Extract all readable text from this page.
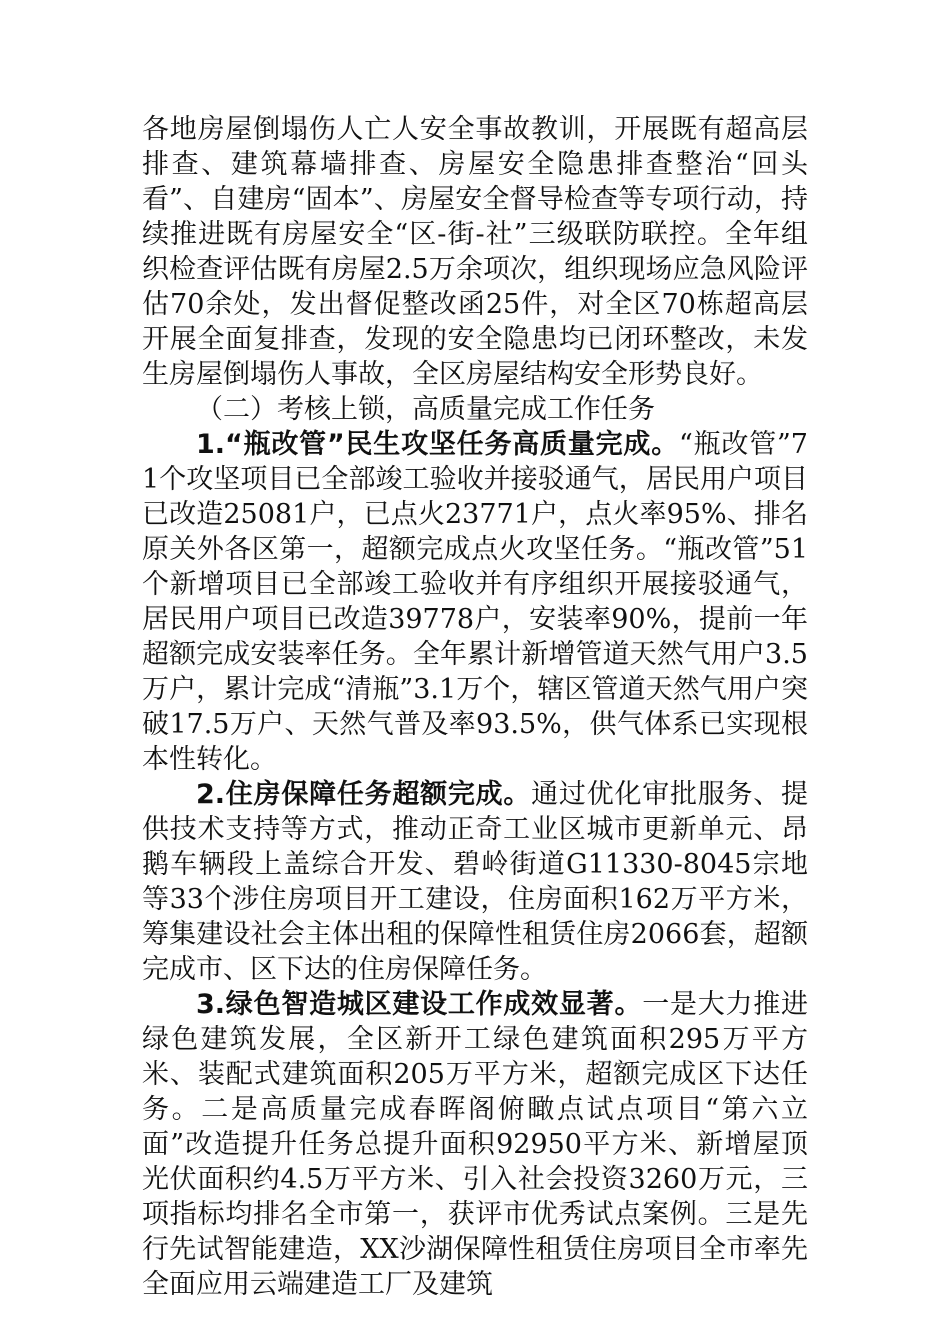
各地房屋倒塌伤人亡人安全事故教训，开展既有超高层排查、建筑幕墙排查、房屋安全隐患排查整治“回头看”、自建房“固本”、房屋安全督导检查等专项行动，持续推进既有房屋安全“区-街-社”三级联防联控。全年组织检查评估既有房屋2.5万余项次，组织现场应急风险评估70余处，发出督促整改函25件，对全区70栋超高层开展全面复排查，发现的安全隐患均已闭环整改，未发生房屋倒塌伤人事故，全区房屋结构安全形势良好。

（二）考核上锁，高质量完成工作任务

1.“瓶改管”民生攻坚任务高质量完成。“瓶改管”71个攻坚项目已全部竣工验收并接驳通气，居民用户项目已改造25081户，已点火23771户，点火率95%、排名原关外各区第一，超额完成点火攻坚任务。“瓶改管”51个新增项目已全部竣工验收并有序组织开展接驳通气，居民用户项目已改造39778户，安装率90%，提前一年超额完成安装率任务。全年累计新增管道天然气用户3.5万户，累计完成“清瓶”3.1万个，辖区管道天然气用户突破17.5万户、天然气普及率93.5%，供气体系已实现根本性转化。

2.住房保障任务超额完成。通过优化审批服务、提供技术支持等方式，推动正奇工业区城市更新单元、昂鹅车辆段上盖综合开发、碧岭街道G11330-8045宗地等33个涉住房项目开工建设，住房面积162万平方米，筹集建设社会主体出租的保障性租赁住房2066套，超额完成市、区下达的住房保障任务。

3.绿色智造城区建设工作成效显著。一是大力推进绿色建筑发展，全区新开工绿色建筑面积295万平方米、装配式建筑面积205万平方米，超额完成区下达任务。二是高质量完成春晖阁俯瞰点试点项目“第六立面”改造提升任务总提升面积92950平方米、新增屋顶光伏面积约4.5万平方米、引入社会投资3260万元，三项指标均排名全市第一，获评市优秀试点案例。三是先行先试智能建造，XX沙湖保障性租赁住房项目全市率先全面应用云端建造工厂及建筑
